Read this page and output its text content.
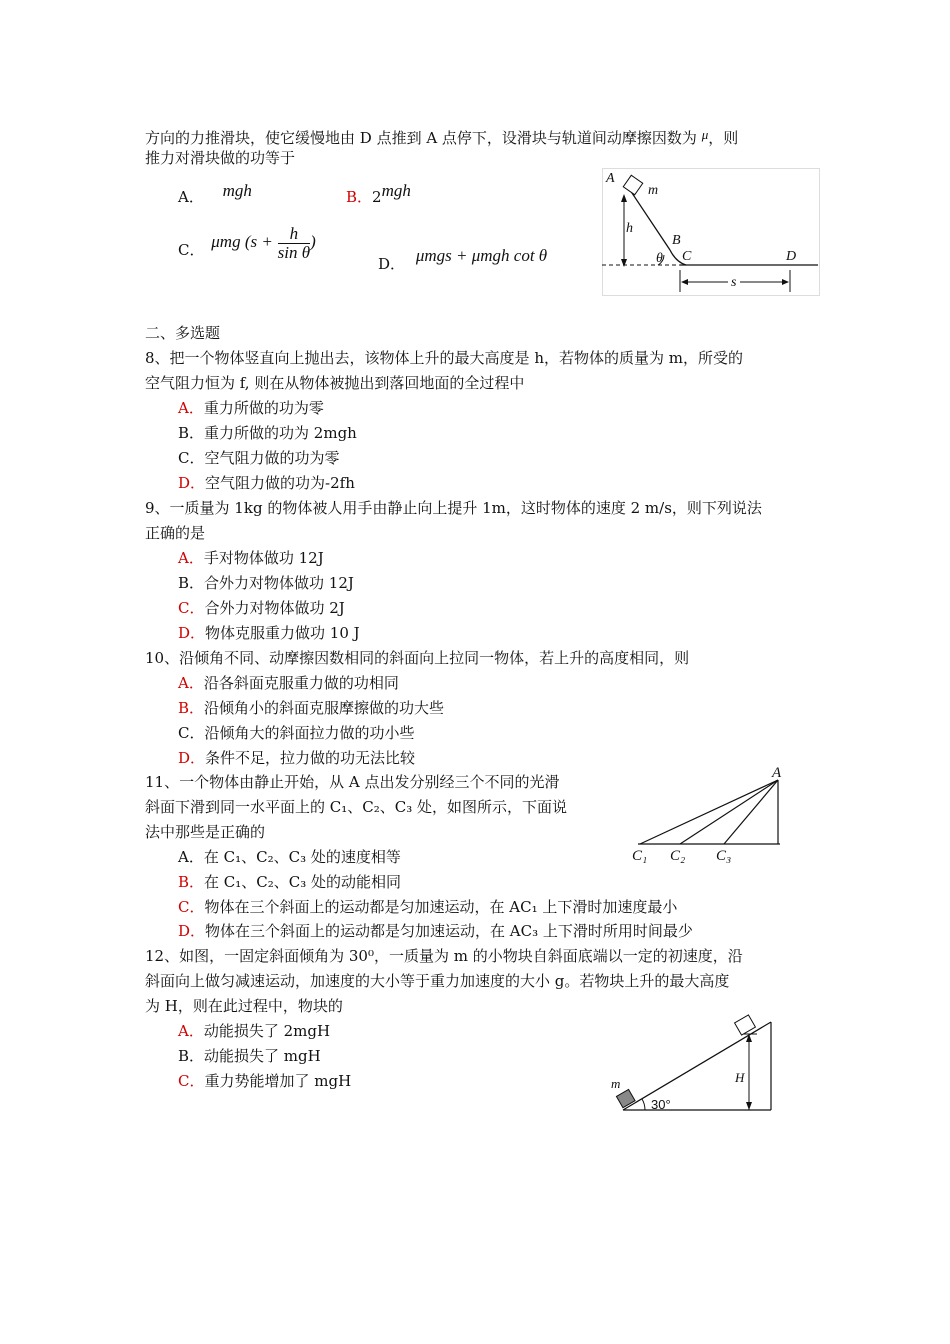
方向的力推滑块，使它缓慢地由 D 点推到 A 点停下，设滑块与轨道间动摩擦因数为 μ，则
推力对滑块做的功等于
A． mgh	B．2mgh
C． μmg ($s + \frac{h}{\text{sin θ}}$ )
D． μmgs + μmgh cot θ
A
m
h
B
C	D
θ
s
二、多选题
8、把一个物体竖直向上抛出去，该物体上升的最大高度是 h，若物体的质量为 m，所受的
空气阻力恒为 f, 则在从物体被抛出到落回地面的全过程中
A．重力所做的功为零
B．重力所做的功为 2mgh
C．空气阻力做的功为零
D．空气阻力做的功为-2fh
9、一质量为 1kg 的物体被人用手由静止向上提升 1m，这时物体的速度 2 m/s，则下列说法
正确的是
A．手对物体做功 12J
B．合外力对物体做功 12J
C．合外力对物体做功 2J
D．物体克服重力做功 10 J
10、沿倾角不同、动摩擦因数相同的斜面向上拉同一物体，若上升的高度相同，则
A．沿各斜面克服重力做的功相同
B．沿倾角小的斜面克服摩擦做的功大些
C．沿倾角大的斜面拉力做的功小些
D．条件不足，拉力做的功无法比较
11、一个物体由静止开始，从 A 点出发分别经三个不同的光滑
斜面下滑到同一水平面上的 C₁、C₂、C₃ 处，如图所示，下面说
法中那些是正确的
A．在 C₁、C₂、C₃ 处的速度相等
B．在 C₁、C₂、C₃ 处的动能相同
C．物体在三个斜面上的运动都是匀加速运动，在 AC₁ 上下滑时加速度最小
D．物体在三个斜面上的运动都是匀加速运动，在 AC₃ 上下滑时所用时间最少
A
C₁ C₂ C₃
12、如图，一固定斜面倾角为 30⁰，一质量为 m 的小物块自斜面底端以一定的初速度，沿
斜面向上做匀减速运动，加速度的大小等于重力加速度的大小 g。若物块上升的最大高度
为 H，则在此过程中，物块的
A．动能损失了 2mgH
B．动能损失了 mgH
C．重力势能增加了 mgH	m	H
30°
